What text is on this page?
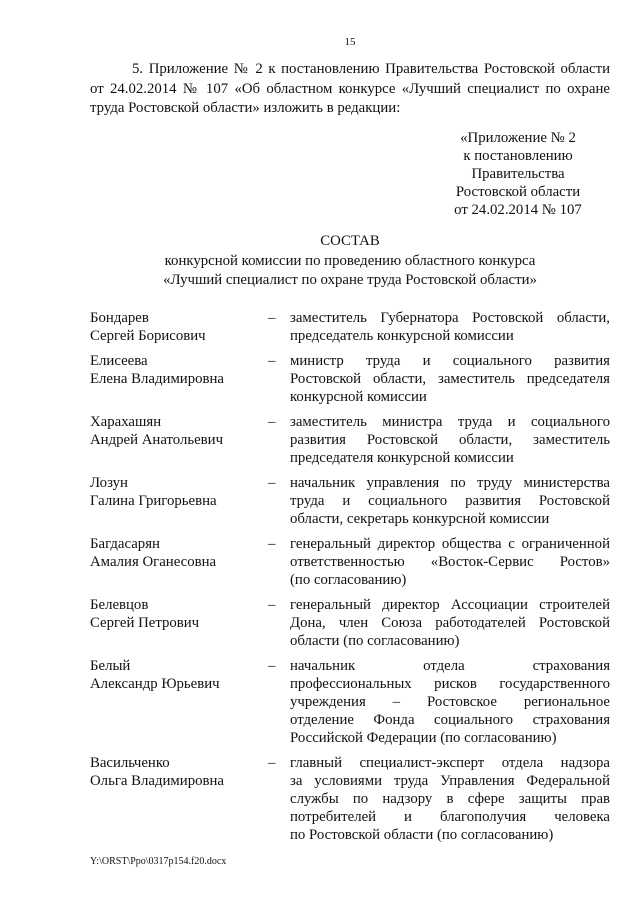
15
5. Приложение № 2 к постановлению Правительства Ростовской области
от 24.02.2014 № 107 «Об областном конкурсе «Лучший специалист по охране
труда Ростовской области» изложить в редакции:
«Приложение № 2
к постановлению
Правительства
Ростовской области
от 24.02.2014 № 107
СОСТАВ
конкурсной комиссии по проведению областного конкурса
«Лучший специалист по охране труда Ростовской области»
Бондарев
Сергей Борисович
– заместитель Губернатора Ростовской области,
председатель конкурсной комиссии
Елисеева
Елена Владимировна
– министр труда и социального развития
Ростовской области, заместитель председателя
конкурсной комиссии
Харахашян
Андрей Анатольевич
– заместитель министра труда и социального
развития Ростовской области, заместитель
председателя конкурсной комиссии
Лозун
Галина Григорьевна
– начальник управления по труду министерства
труда и социального развития Ростовской
области, секретарь конкурсной комиссии
Багдасарян
Амалия Оганесовна
– генеральный директор общества с ограниченной
ответственностью «Восток-Сервис Ростов»
(по согласованию)
Белевцов
Сергей Петрович
– генеральный директор Ассоциации строителей
Дона, член Союза работодателей Ростовской
области (по согласованию)
Белый
Александр Юрьевич
– начальник отдела страхования
профессиональных рисков государственного
учреждения – Ростовское региональное
отделение Фонда социального страхования
Российской Федерации (по согласованию)
Васильченко
Ольга Владимировна
– главный специалист-эксперт отдела надзора
за условиями труда Управления Федеральной
службы по надзору в сфере защиты прав
потребителей и благополучия человека
по Ростовской области (по согласованию)
Y:\ORST\Ppo\0317p154.f20.docx
